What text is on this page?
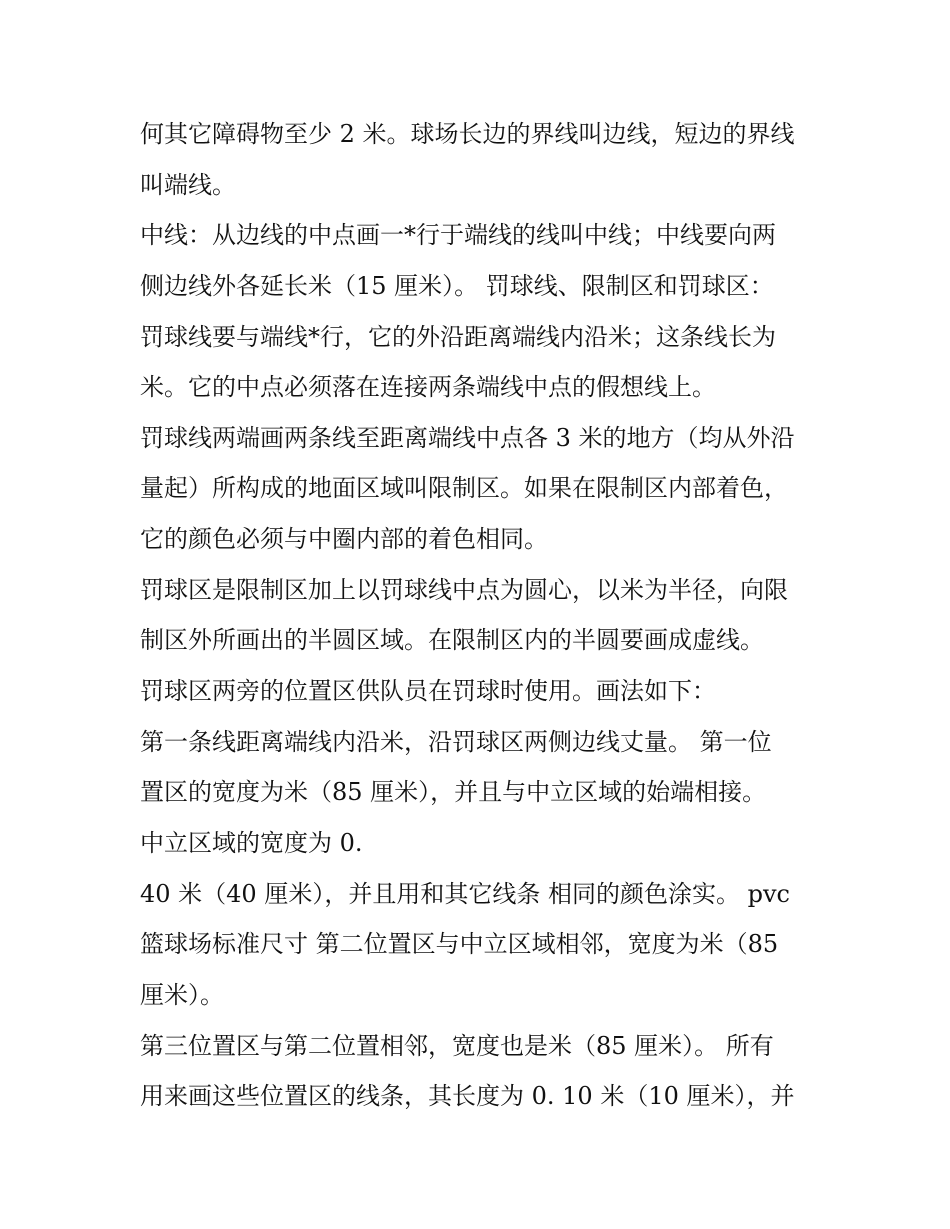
何其它障碍物至少 2 米。球场长边的界线叫边线，短边的界线
叫端线。
中线：从边线的中点画一*行于端线的线叫中线；中线要向两
侧边线外各延长米（15 厘米）。 罚球线、限制区和罚球区：
罚球线要与端线*行，它的外沿距离端线内沿米；这条线长为
米。它的中点必须落在连接两条端线中点的假想线上。
罚球线两端画两条线至距离端线中点各 3 米的地方（均从外沿
量起）所构成的地面区域叫限制区。如果在限制区内部着色，
它的颜色必须与中圈内部的着色相同。
罚球区是限制区加上以罚球线中点为圆心，以米为半径，向限
制区外所画出的半圆区域。在限制区内的半圆要画成虚线。
罚球区两旁的位置区供队员在罚球时使用。画法如下：
第一条线距离端线内沿米，沿罚球区两侧边线丈量。 第一位
置区的宽度为米（85 厘米），并且与中立区域的始端相接。
中立区域的宽度为 0.
40 米（40 厘米），并且用和其它线条 相同的颜色涂实。 pvc
篮球场标准尺寸 第二位置区与中立区域相邻，宽度为米（85
厘米）。
第三位置区与第二位置相邻，宽度也是米（85 厘米）。 所有
用来画这些位置区的线条，其长度为 0. 10 米（10 厘米），并
